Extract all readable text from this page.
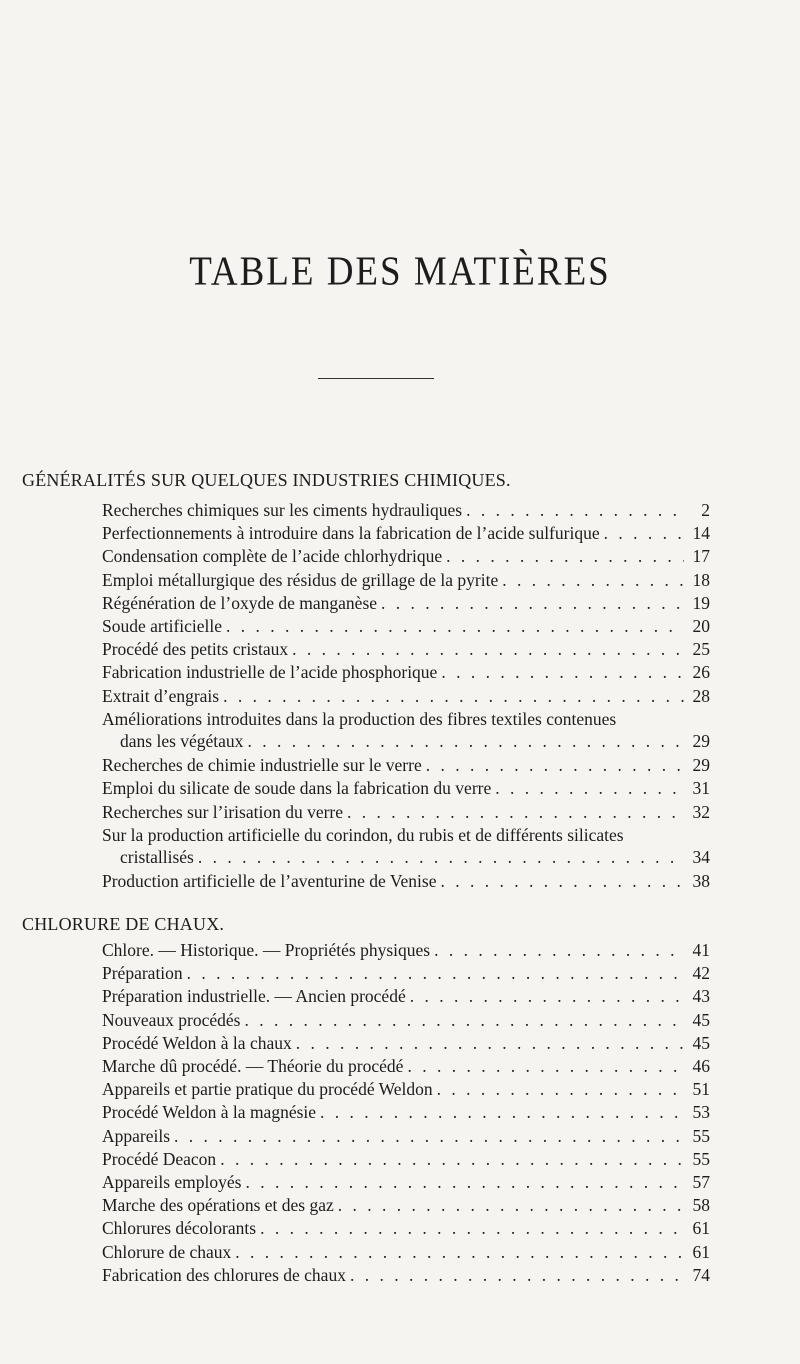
TABLE DES MATIÈRES
GÉNÉRALITÉS SUR QUELQUES INDUSTRIES CHIMIQUES.
Recherches chimiques sur les ciments hydrauliques . . .	2
Perfectionnements à introduire dans la fabrication de l’acide sulfurique . . .	14
Condensation complète de l’acide chlorhydrique . . .	17
Emploi métallurgique des résidus de grillage de la pyrite . . .	18
Régénération de l’oxyde de manganèse . . .	19
Soude artificielle . . .	20
Procédé des petits cristaux . . .	25
Fabrication industrielle de l’acide phosphorique . . .	26
Extrait d’engrais . . .	28
Améliorations introduites dans la production des fibres textiles contenues
dans les végétaux . . .	29
Recherches de chimie industrielle sur le verre . . .	29
Emploi du silicate de soude dans la fabrication du verre . . .	31
Recherches sur l’irisation du verre . . .	32
Sur la production artificielle du corindon, du rubis et de différents silicates
cristallisés . . .	34
Production artificielle de l’aventurine de Venise . . .	38
CHLORURE DE CHAUX.
Chlore. — Historique. — Propriétés physiques . . .	41
Préparation . . .	42
Préparation industrielle. — Ancien procédé . . .	43
Nouveaux procédés . . .	45
Procédé Weldon à la chaux . . .	45
Marche dû procédé. — Théorie du procédé . . .	46
Appareils et partie pratique du procédé Weldon . . .	51
Procédé Weldon à la magnésie . . .	53
Appareils . . .	55
Procédé Deacon . . .	55
Appareils employés . . .	57
Marche des opérations et des gaz . . .	58
Chlorures décolorants . . .	61
Chlorure de chaux . . .	61
Fabrication des chlorures de chaux . . .	74
